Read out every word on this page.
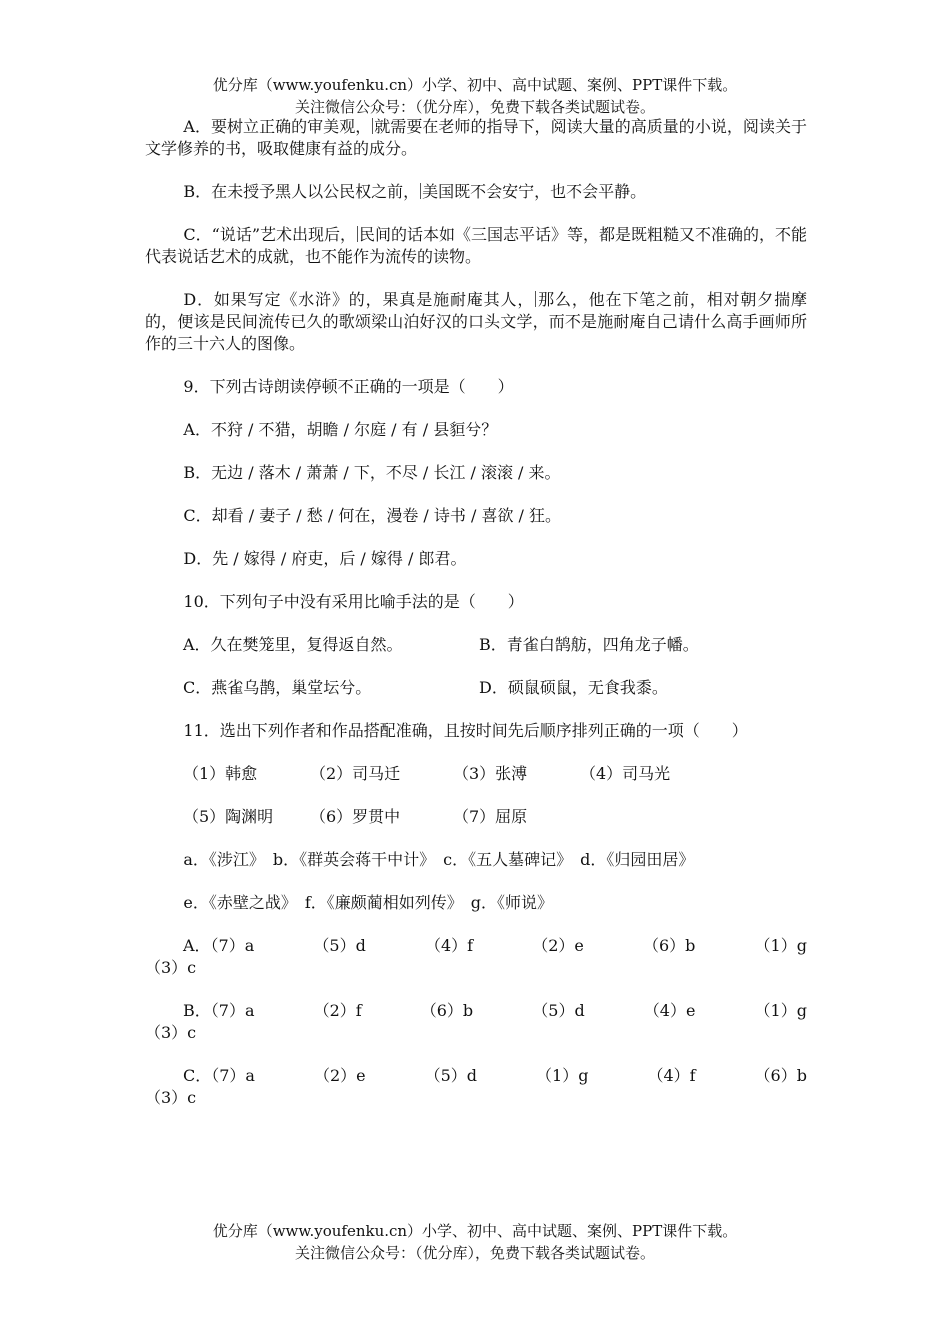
优分库（www.youfenku.cn）小学、初中、高中试题、案例、PPT课件下载。
关注微信公众号：（优分库），免费下载各类试题试卷。

A．要树立正确的审美观， 就需要在老师的指导下，阅读大量的高质量的小说，阅读关于文学修养的书，吸取健康有益的成分。

B．在未授予黑人以公民权之前， 美国既不会安宁，也不会平静。

C．“说话”艺术出现后， 民间的话本如《三国志平话》等，都是既粗糙又不准确的，不能代表说话艺术的成就，也不能作为流传的读物。

D．如果写定《水浒》的，果真是施耐庵其人， 那么，他在下笔之前，相对朝夕揣摩的，便该是民间流传已久的歌颂梁山泊好汉的口头文学，而不是施耐庵自己请什么高手画师所作的三十六人的图像。

9．下列古诗朗读停顿不正确的一项是（　　）

A．不狩 / 不猎，胡瞻 / 尔庭 / 有 / 县貆兮？

B．无边 / 落木 / 萧萧 / 下，不尽 / 长江 / 滚滚 / 来。

C．却看 / 妻子 / 愁 / 何在，漫卷 / 诗书 / 喜欲 / 狂。

D．先 / 嫁得 / 府吏，后 / 嫁得 / 郎君。

10．下列句子中没有采用比喻手法的是（　　）

A．久在樊笼里，复得返自然。	B．青雀白鹄舫，四角龙子幡。
C．燕雀乌鹊，巢堂坛兮。	D．硕鼠硕鼠，无食我黍。

11．选出下列作者和作品搭配准确，且按时间先后顺序排列正确的一项（　　）

（1）韩愈	（2）司马迁	（3）张溥	（4）司马光
（5）陶渊明	（6）罗贯中	（7）屈原

a．《涉江》　b．《群英会蒋干中计》　c．《五人墓碑记》　d．《归园田居》

e．《赤壁之战》　f．《廉颇蔺相如列传》　g．《师说》

A．（7）a	（5）d	（4）f	（2）e	（6）b	（1）g
（3）c
B．（7）a	（2）f	（6）b	（5）d	（4）e	（1）g
（3）c
C．（7）a	（2）e	（5）d	（1）g	（4）f	（6）b
（3）c
优分库（www.youfenku.cn）小学、初中、高中试题、案例、PPT课件下载。
关注微信公众号：（优分库），免费下载各类试题试卷。
